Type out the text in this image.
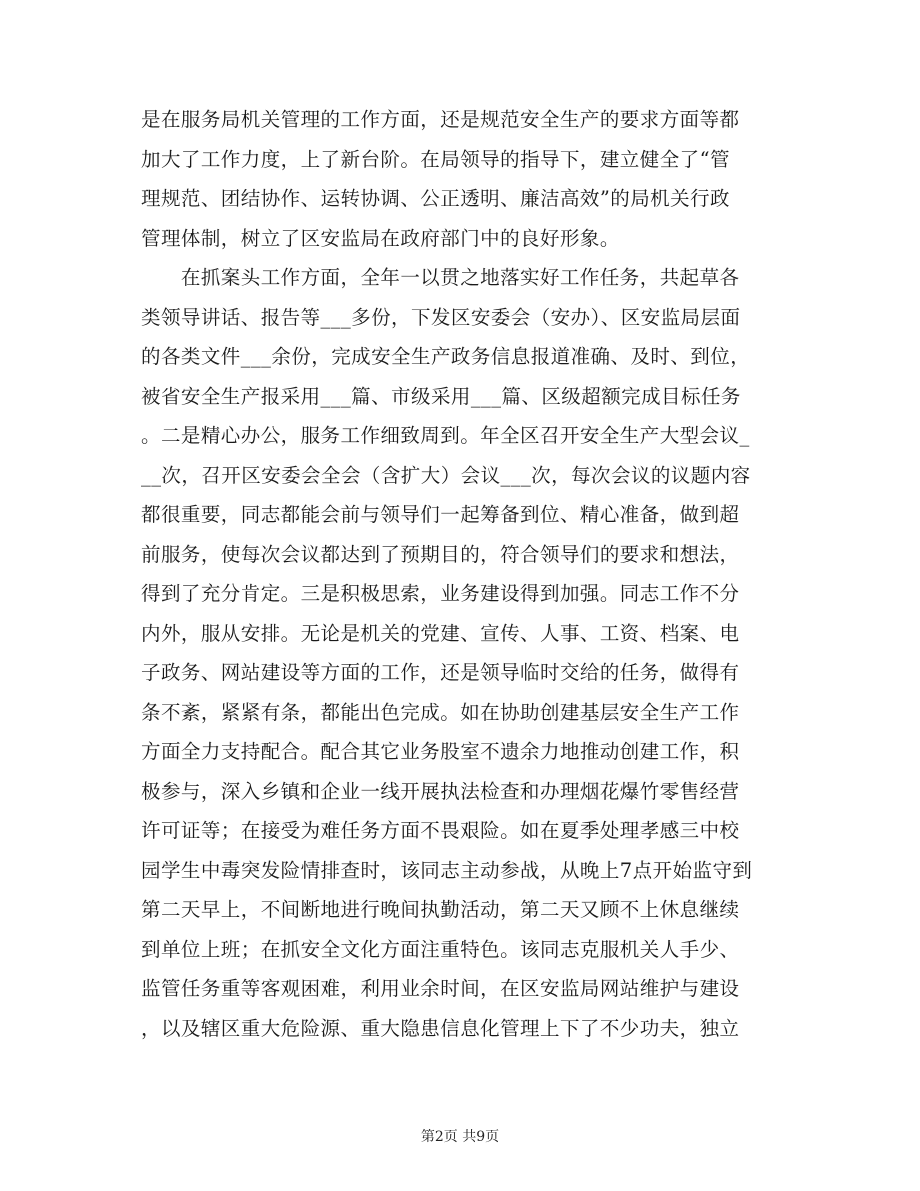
是在服务局机关管理的工作方面，还是规范安全生产的要求方面等都
加大了工作力度，上了新台阶。在局领导的指导下，建立健全了“管
理规范、团结协作、运转协调、公正透明、廉洁高效”的局机关行政
管理体制，树立了区安监局在政府部门中的良好形象。
　　在抓案头工作方面，全年一以贯之地落实好工作任务，共起草各
类领导讲话、报告等___多份，下发区安委会（安办）、区安监局层面
的各类文件___余份，完成安全生产政务信息报道准确、及时、到位，
被省安全生产报采用___篇、市级采用___篇、区级超额完成目标任务
。二是精心办公，服务工作细致周到。年全区召开安全生产大型会议_
__次，召开区安委会全会（含扩大）会议___次，每次会议的议题内容
都很重要，同志都能会前与领导们一起筹备到位、精心准备，做到超
前服务，使每次会议都达到了预期目的，符合领导们的要求和想法，
得到了充分肯定。三是积极思索，业务建设得到加强。同志工作不分
内外，服从安排。无论是机关的党建、宣传、人事、工资、档案、电
子政务、网站建设等方面的工作，还是领导临时交给的任务，做得有
条不紊，紧紧有条，都能出色完成。如在协助创建基层安全生产工作
方面全力支持配合。配合其它业务股室不遗余力地推动创建工作，积
极参与，深入乡镇和企业一线开展执法检查和办理烟花爆竹零售经营
许可证等；在接受为难任务方面不畏艰险。如在夏季处理孝感三中校
园学生中毒突发险情排查时，该同志主动参战，从晚上7点开始监守到
第二天早上，不间断地进行晚间执勤活动，第二天又顾不上休息继续
到单位上班；在抓安全文化方面注重特色。该同志克服机关人手少、
监管任务重等客观困难，利用业余时间，在区安监局网站维护与建设
，以及辖区重大危险源、重大隐患信息化管理上下了不少功夫，独立
第2页 共9页
